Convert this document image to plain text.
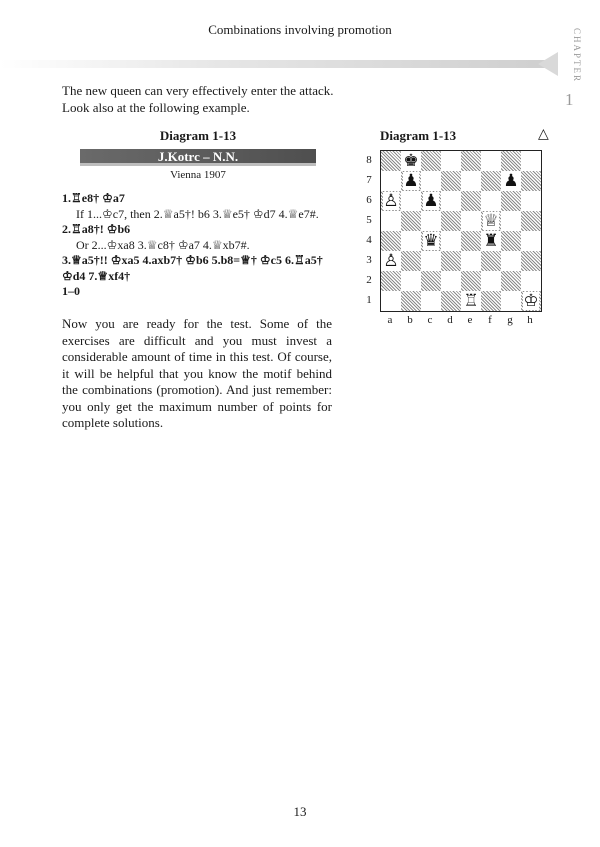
Combinations involving promotion	CHAPTER
1
The new queen can very effectively enter the attack.
Look also at the following example.
Diagram 1-13
J.Kotrc – N.N.
Vienna 1907
1.♖e8† ♔a7
If 1...♔c7, then 2.♕a5†! b6 3.♕e5† ♔d7 4.♕e7#.
2.♖a8†! ♔b6
Or 2...♔xa8 3.♕c8† ♔a7 4.♕xb7#.
3.♕a5†!! ♔xa5 4.axb7† ♔b6 5.b8=♕† ♔c5 6.♖a5†
♔d4 7.♕xf4†
1–0
Now you are ready for the test. Some of the exercises are difficult and you must invest a considerable amount of time in this test. Of course, it will be helpful that you know the motif behind the combinations (promotion). And just remember: you only get the maximum number of points for complete solutions.
Diagram 1-13	△
8
7
6
5
4
3
2
1
♚
♟	♟
♙ ♟
♕
♛	♜
♙
♖	♔
a	b	c	d	e	f	g	h
13
